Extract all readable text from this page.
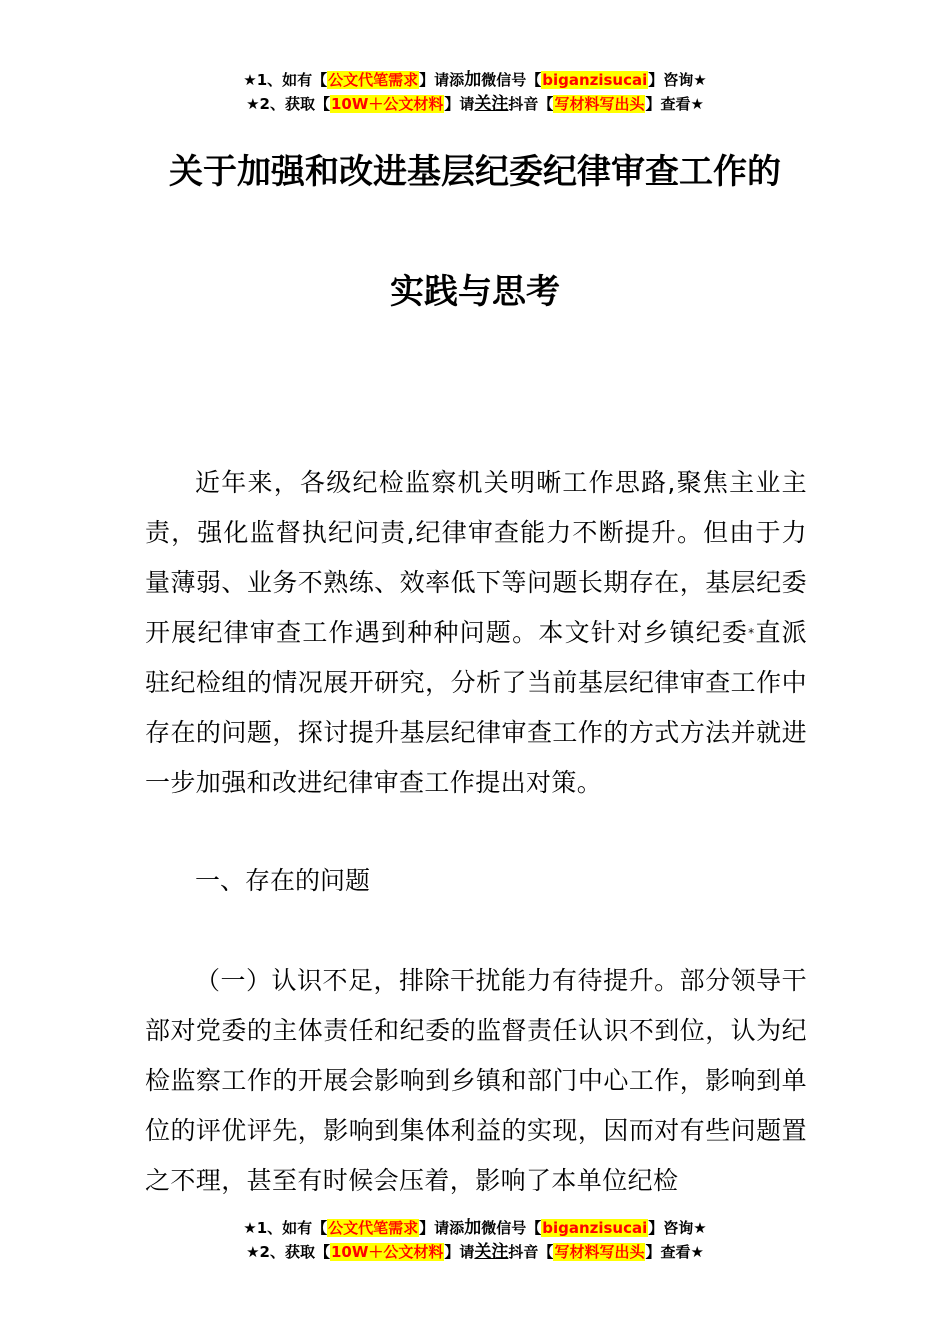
★1、如有【公文代笔需求】请添加微信号【biganzisucai】咨询★
★2、获取【10W＋公文材料】请关注抖音【写材料写出头】查看★
关于加强和改进基层纪委纪律审查工作的
实践与思考

近年来，各级纪检监察机关明晰工作思路,聚焦主业主责，强化监督执纪问责,纪律审查能力不断提升。但由于力量薄弱、业务不熟练、效率低下等问题长期存在，基层纪委开展纪律审查工作遇到种种问题。本文针对乡镇纪委*直派驻纪检组的情况展开研究，分析了当前基层纪律审查工作中存在的问题，探讨提升基层纪律审查工作的方式方法并就进一步加强和改进纪律审查工作提出对策。

一、存在的问题

（一）认识不足，排除干扰能力有待提升。部分领导干部对党委的主体责任和纪委的监督责任认识不到位，认为纪检监察工作的开展会影响到乡镇和部门中心工作，影响到单位的评优评先，影响到集体利益的实现，因而对有些问题置之不理，甚至有时候会压着，影响了本单位纪检

★1、如有【公文代笔需求】请添加微信号【biganzisucai】咨询★
★2、获取【10W＋公文材料】请关注抖音【写材料写出头】查看★
